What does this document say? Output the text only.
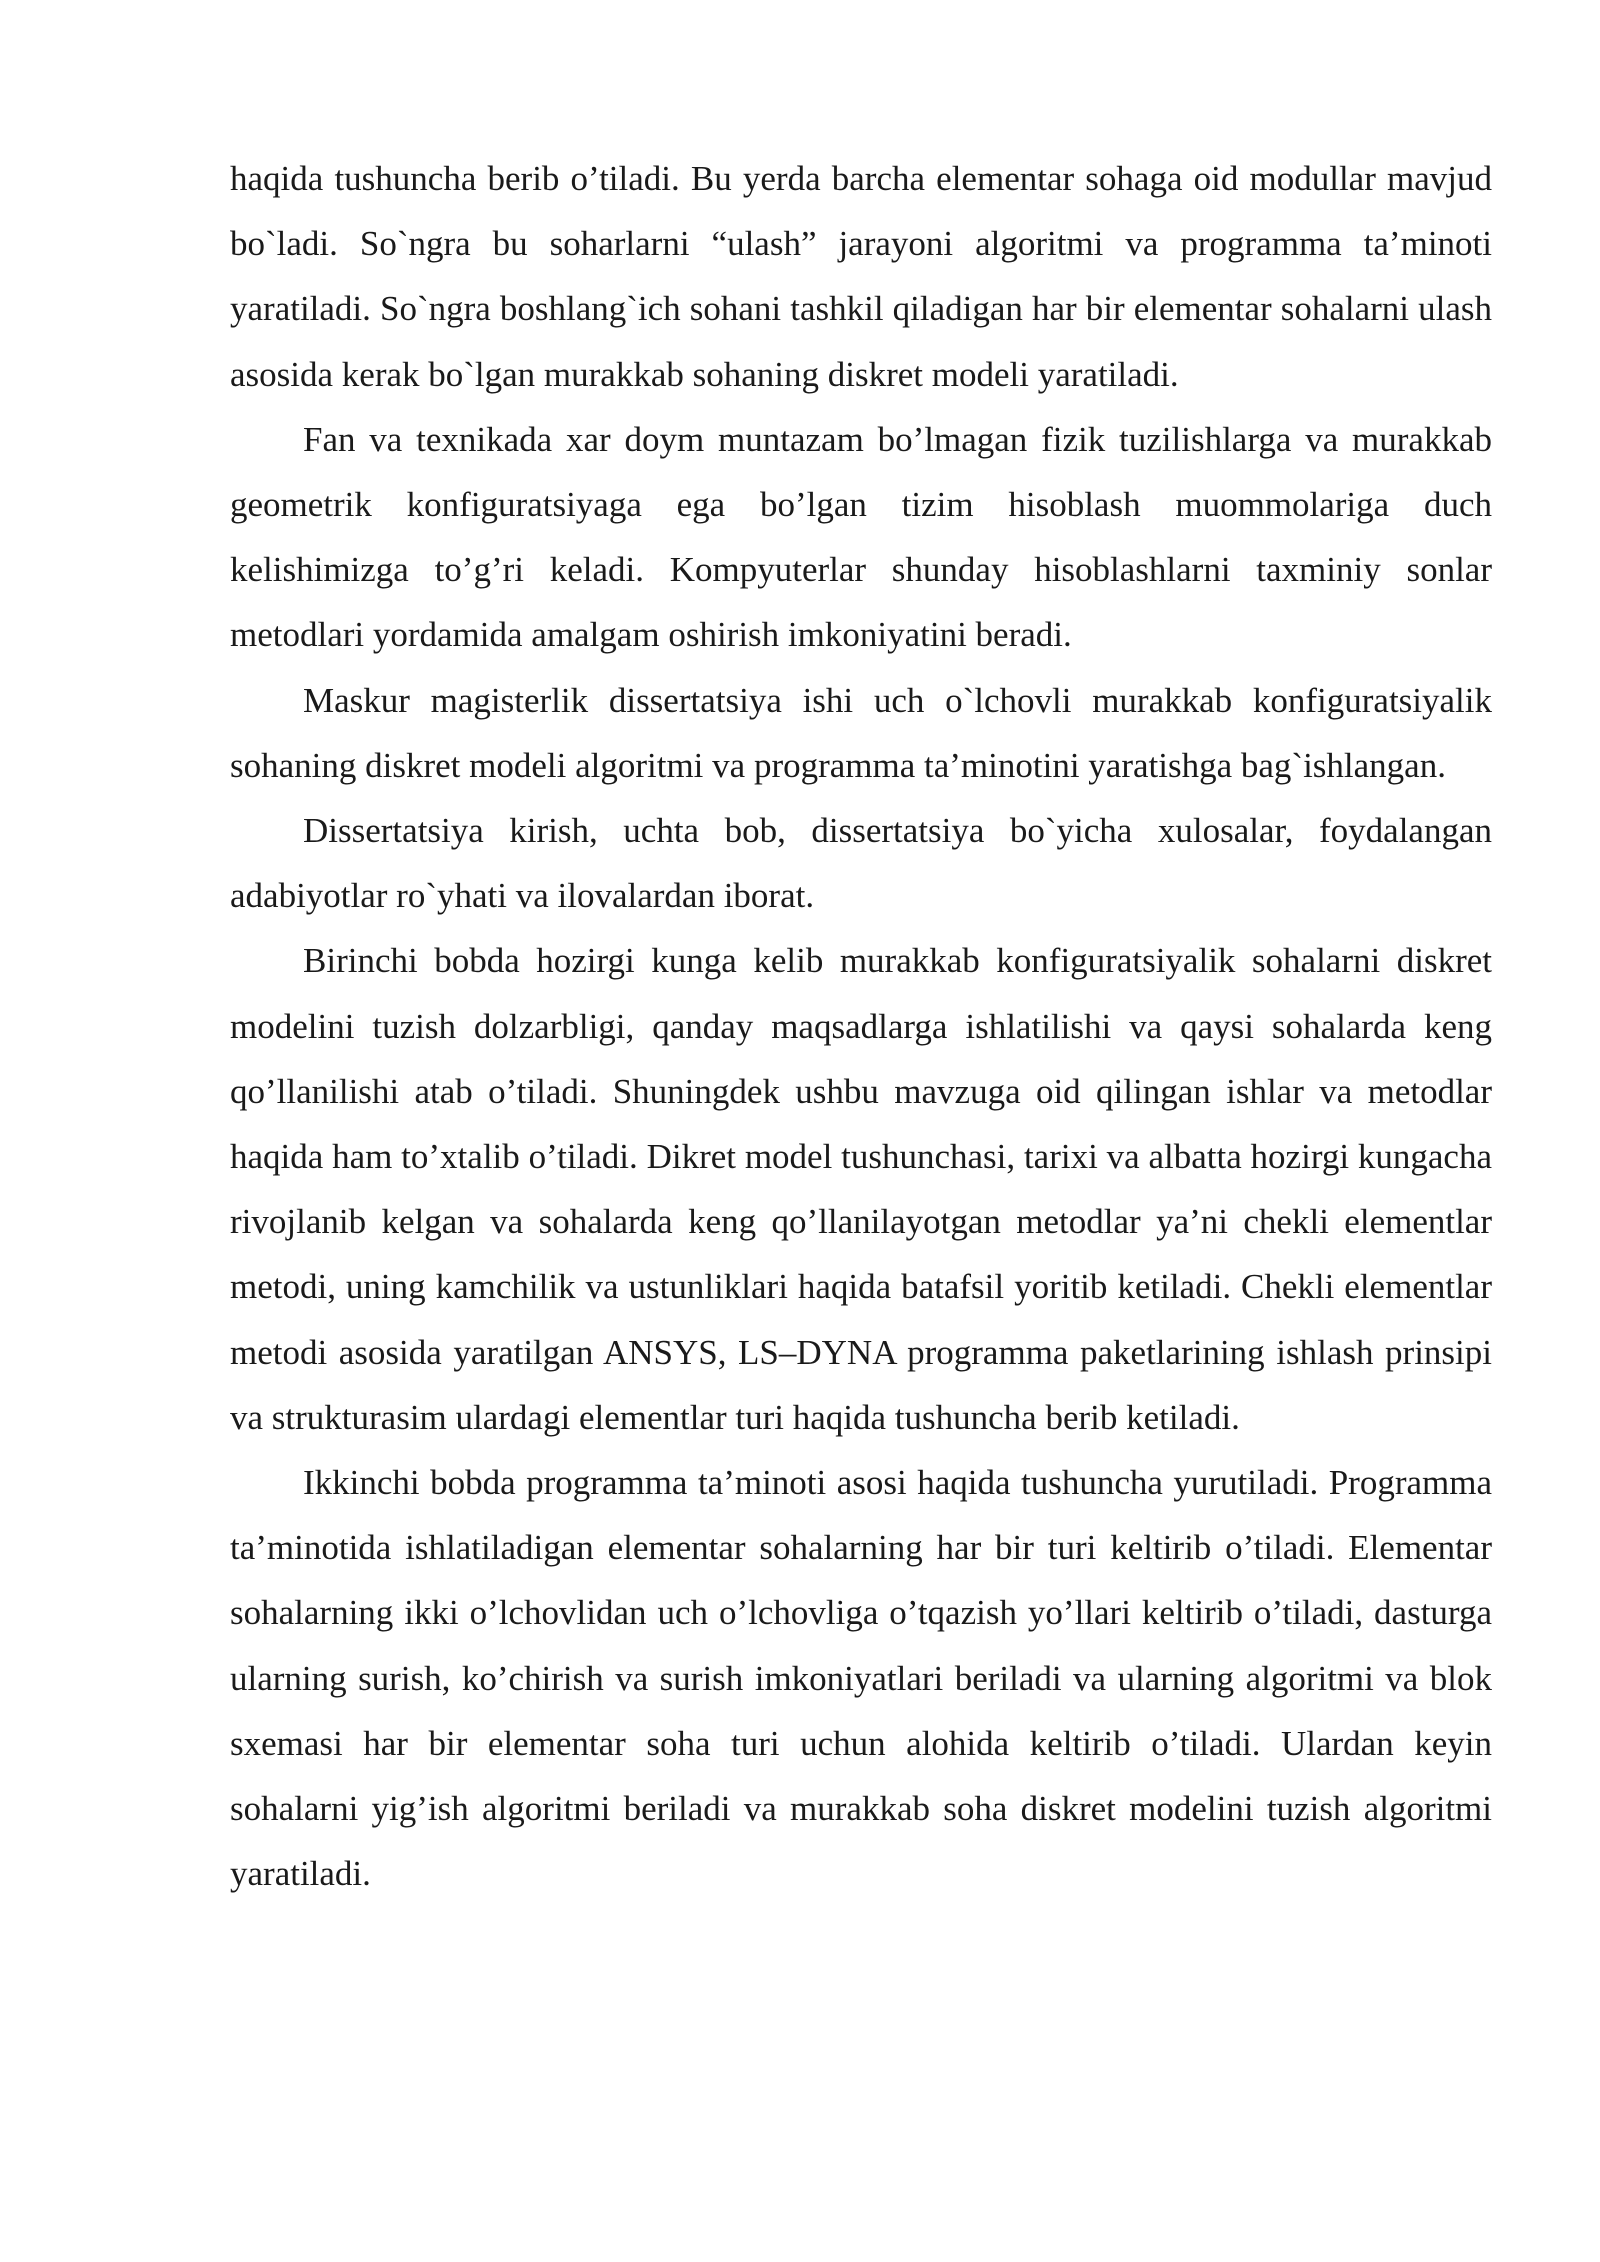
haqida tushuncha berib o’tiladi. Bu yerda barcha elementar sohaga oid modullar mavjud bo`ladi. So`ngra bu soharlarni “ulash” jarayoni algoritmi va programma ta’minoti yaratiladi. So`ngra boshlang`ich sohani tashkil qiladigan har bir elementar sohalarni ulash asosida kerak bo`lgan murakkab sohaning diskret modeli yaratiladi.

Fan va texnikada xar doym muntazam bo’lmagan fizik tuzilishlarga va murakkab geometrik konfiguratsiyaga ega bo’lgan tizim hisoblash muommolariga duch kelishimizga to’g’ri keladi. Kompyuterlar shunday hisoblashlarni taxminiy sonlar metodlari yordamida amalgam oshirish imkoniyatini beradi.

Maskur magisterlik dissertatsiya ishi uch o`lchovli murakkab konfiguratsiyalik sohaning diskret modeli algoritmi va programma ta’minotini yaratishga bag`ishlangan.

Dissertatsiya kirish, uchta bob, dissertatsiya bo`yicha xulosalar, foydalangan adabiyotlar ro`yhati va ilovalardan iborat.

Birinchi bobda hozirgi kunga kelib murakkab konfiguratsiyalik sohalarni diskret modelini tuzish dolzarbligi, qanday maqsadlarga ishlatilishi va qaysi sohalarda keng qo’llanilishi atab o’tiladi. Shuningdek ushbu mavzuga oid qilingan ishlar va metodlar haqida ham to’xtalib o’tiladi. Dikret model tushunchasi, tarixi va albatta hozirgi kungacha rivojlanib kelgan va sohalarda keng qo’llanilayotgan metodlar ya’ni chekli elementlar metodi, uning kamchilik va ustunliklari haqida batafsil yoritib ketiladi. Chekli elementlar metodi asosida yaratilgan ANSYS, LS–DYNA programma paketlarining ishlash prinsipi va strukturasim ulardagi elementlar turi haqida tushuncha berib ketiladi.

Ikkinchi bobda programma ta’minoti asosi haqida tushuncha yurutiladi. Programma ta’minotida ishlatiladigan elementar sohalarning har bir turi keltirib o’tiladi. Elementar sohalarning ikki o’lchovlidan uch o’lchovliga o’tqazish yo’llari keltirib o’tiladi, dasturga ularning surish, ko’chirish va surish imkoniyatlari beriladi va ularning algoritmi va blok sxemasi har bir elementar soha turi uchun alohida keltirib o’tiladi. Ulardan keyin sohalarni yig’ish algoritmi beriladi va murakkab soha diskret modelini tuzish algoritmi yaratiladi.
